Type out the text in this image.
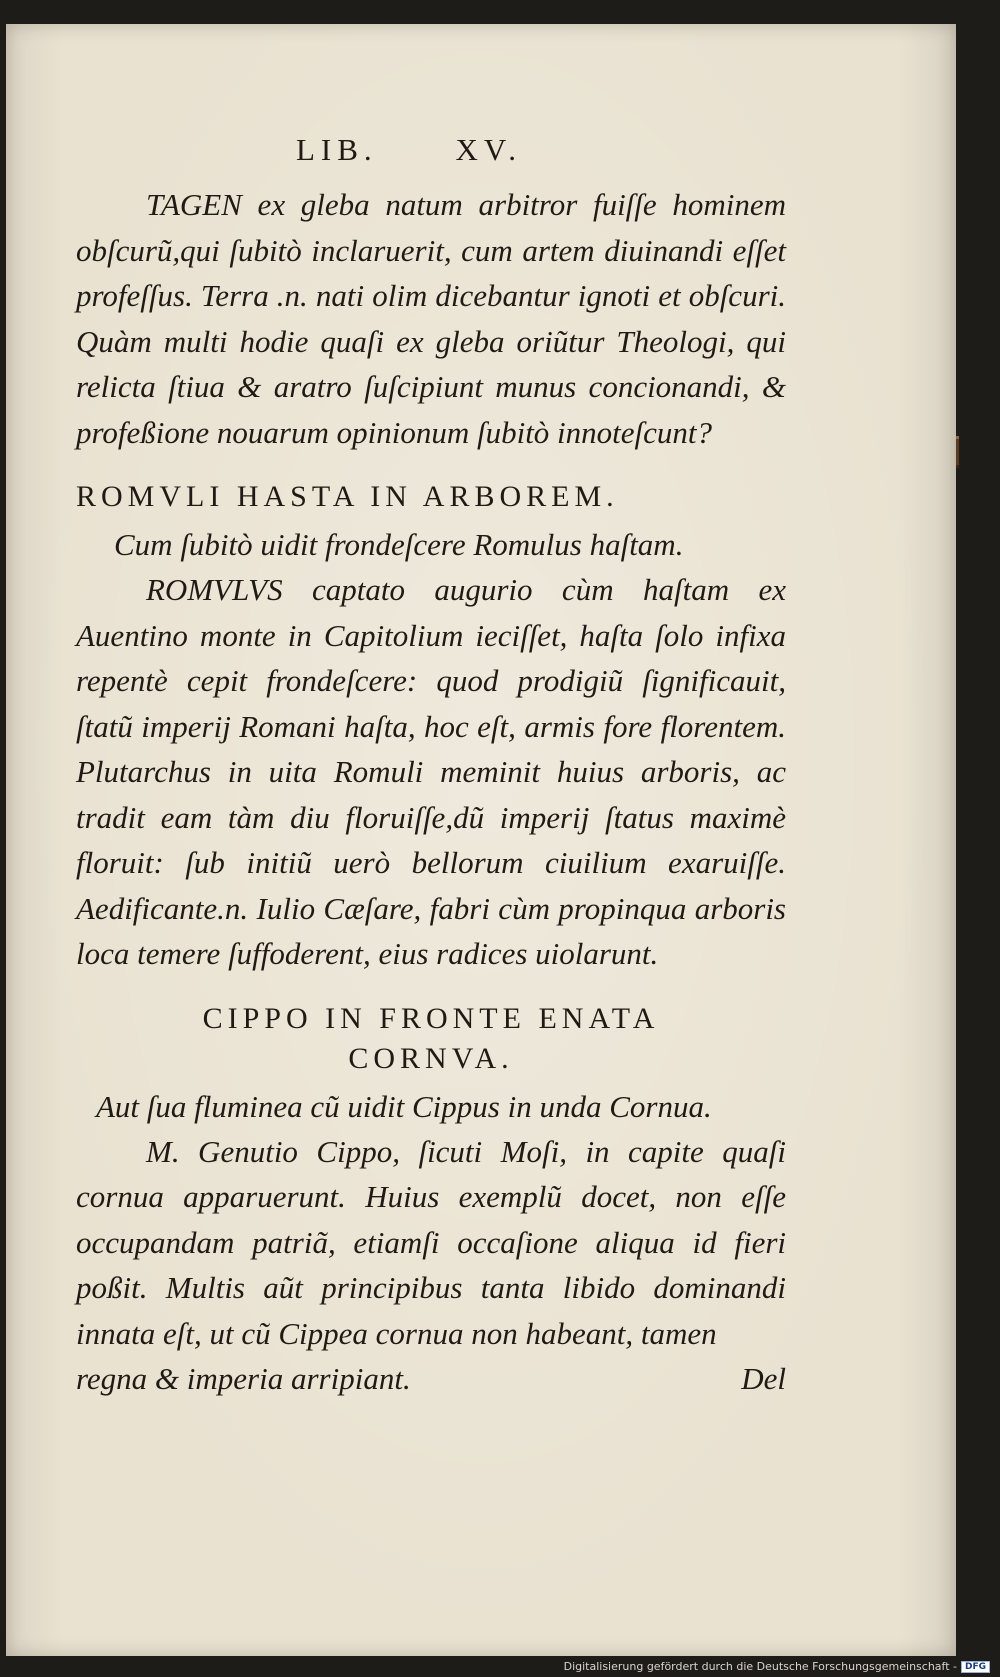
LIB.	XV.

TAGEN ex gleba natum arbitror fuiſſe hominem obſcurũ,qui ſubitò inclaruerit, cum artem diuinandi eſſet profeſſus. Terra .n. nati olim dicebantur ignoti et obſcuri. Quàm multi hodie quaſi ex gleba oriũtur Theologi, qui relicta ſtiua & aratro ſuſcipiunt munus concionandi, & profeßione nouarum opinionum ſubitò innoteſcunt?

ROMVLI HASTA IN ARBOREM.

Cum ſubitò uidit frondeſcere Romulus haſtam.

ROMVLVS captato augurio cùm haſtam ex Auentino monte in Capitolium ieciſſet, haſta ſolo infixa repentè cepit frondeſcere: quod prodigiũ ſignificauit, ſtatũ imperij Romani haſta, hoc eſt, armis fore florentem. Plutarchus in uita Romuli meminit huius arboris, ac tradit eam tàm diu floruiſſe,dũ imperij ſtatus maximè floruit: ſub initiũ uerò bellorum ciuilium exaruiſſe. Aedificante.n. Iulio Cæſare, fabri cùm propinqua arboris loca temere ſuffoderent, eius radices uiolarunt.

CIPPO IN FRONTE ENATA
CORNVA.

Aut ſua fluminea cũ uidit Cippus in unda Cornua.

M. Genutio Cippo, ſicuti Moſi, in capite quaſi cornua apparuerunt. Huius exemplũ docet, non eſſe occupandam patriã, etiamſi occaſione aliqua id fieri poßit. Multis aũt principibus tanta libido dominandi innata eſt, ut cũ Cippea cornua non habeant, tamen

regna & imperia arripiant.	Del
Digitalisierung gefördert durch die Deutsche Forschungsgemeinschaft - DFG
